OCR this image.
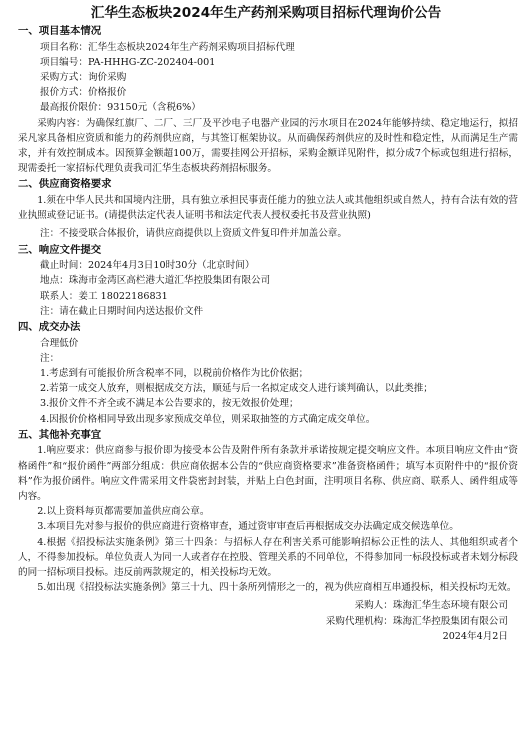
汇华生态板块2024年生产药剂采购项目招标代理询价公告
一、项目基本情况
项目名称：汇华生态板块2024年生产药剂采购项目招标代理
项目编号：PA-HHHG-ZC-202404-001
采购方式：询价采购
报价方式：价格报价
最高报价限价：93150元（含税6%）
采购内容：为确保红旗厂、二厂、三厂及平沙电子电器产业园的污水项目在2024年能够持续、稳定地运行，拟招采凡家具备相应资质和能力的药剂供应商，与其签订框架协议。从而确保药剂供应的及时性和稳定性，从而满足生产需求，并有效控制成本。因预算金额超100万，需要挂网公开招标，采购金额详见附件，拟分成7个标或包组进行招标，现需委托一家招标代理负责我司汇华生态板块药剂招标服务。
二、供应商资格要求
1.须在中华人民共和国境内注册，具有独立承担民事责任能力的独立法人或其他组织或自然人，持有合法有效的营业执照或登记证书。(请提供法定代表人证明书和法定代表人授权委托书及营业执照)
注：不接受联合体报价，请供应商提供以上资质文件复印件并加盖公章。
三、响应文件提交
截止时间：2024年4月3日10时30分（北京时间）
地点：珠海市金湾区高栏港大道汇华控股集团有限公司
联系人：姜工 18022186831
注：请在截止日期时间内送达报价文件
四、成交办法
合理低价
注：
1.考虑到有可能报价所含税率不同，以税前价格作为比价依据；
2.若第一成交人放弃，则根据成交方法，顺延与后一名拟定成交人进行谈判确认，以此类推；
3.报价文件不齐全或不满足本公告要求的，按无效报价处理；
4.因报价价格相同导致出现多家预成交单位，则采取抽签的方式确定成交单位。
五、其他补充事宜
1.响应要求：供应商参与报价即为接受本公告及附件所有条款并承诺按规定提交响应文件。本项目响应文件由“资格函件”和“报价函件”两部分组成：供应商依据本公告的“供应商资格要求”准备资格函件；填写本页附件中的“报价资料”作为报价函件。响应文件需采用文件袋密封封装，并贴上白色封面，注明项目名称、供应商、联系人、函件组成等内容。
2.以上资料每页都需要加盖供应商公章。
3.本项目先对参与报价的供应商进行资格审查，通过资审审查后再根据成交办法确定成交候选单位。
4.根据《招投标法实施条例》第三十四条：与招标人存在利害关系可能影响招标公正性的法人、其他组织或者个人，不得参加投标。单位负责人为同一人或者存在控股、管理关系的不同单位，不得参加同一标段投标或者未划分标段的同一招标项目投标。违反前两款规定的，相关投标均无效。
5.如出现《招投标法实施条例》第三十九、四十条所列情形之一的，视为供应商相互串通投标，相关投标均无效。
采购人：珠海汇华生态环境有限公司
采购代理机构：珠海汇华控股集团有限公司
2024年4月2日
